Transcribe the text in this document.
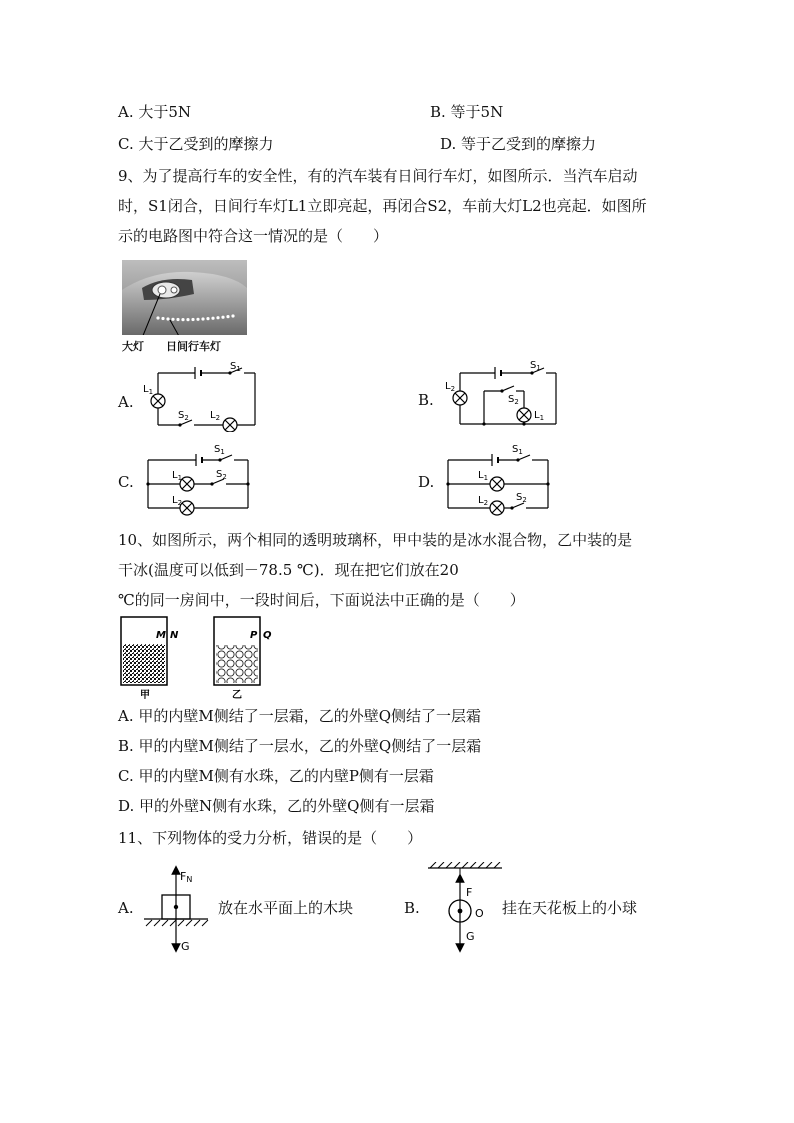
A. 大于5N	B. 等于5N
C. 大于乙受到的摩擦力	D. 等于乙受到的摩擦力
9、为了提高行车的安全性，有的汽车装有日间行车灯，如图所示．当汽车启动
时，S1闭合，日间行车灯L1立即亮起，再闭合S2，车前大灯L2也亮起．如图所
示的电路图中符合这一情况的是（　　）
大灯 日间行车灯
A.
$S_1$
$L_1$
$S_2$ $L_2$
B.
$S_1$
$L_2$
$S_2$
$L_1$
C.
$S_1$
$L_1$	$S_2$
$L_2$
D.
$S_1$
$L_1$
$L_2$	$S_2$
10、如图所示，两个相同的透明玻璃杯，甲中装的是冰水混合物，乙中装的是
干冰(温度可以低到－78.5 ℃)．现在把它们放在20
℃的同一房间中，一段时间后，下面说法中正确的是（　　）
M N	P Q
甲	乙
A. 甲的内壁M侧结了一层霜，乙的外壁Q侧结了一层霜
B. 甲的内壁M侧结了一层水，乙的外壁Q侧结了一层霜
C. 甲的内壁M侧有水珠，乙的内壁P侧有一层霜
D. 甲的外壁N侧有水珠，乙的外壁Q侧有一层霜
11、下列物体的受力分析，错误的是（　　）
A.
FN
G
放在水平面上的木块	B.
F
O
G
挂在天花板上的小球
